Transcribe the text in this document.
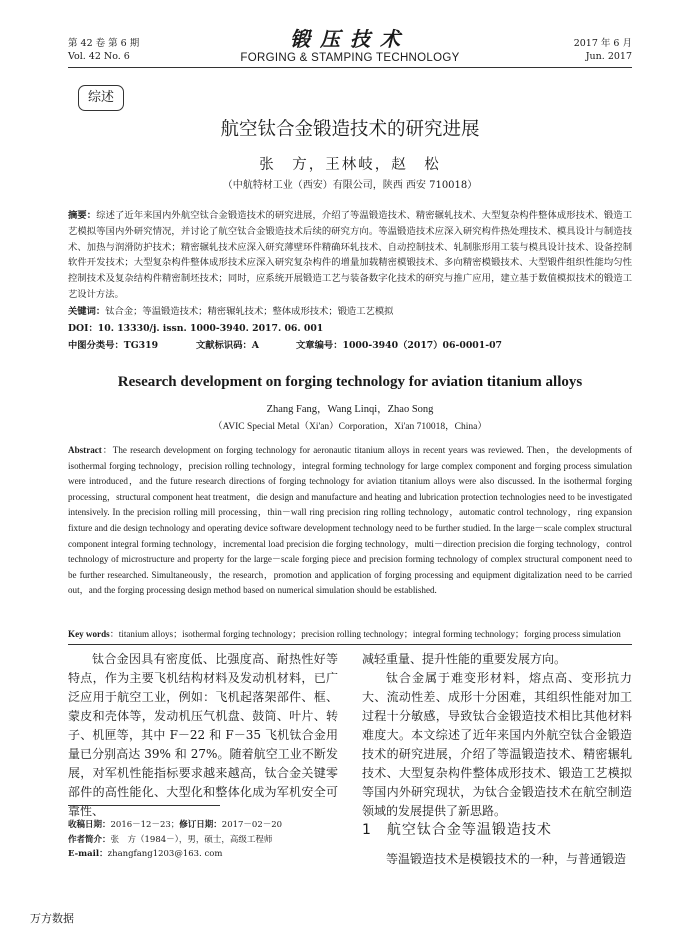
第 42 卷 第 6 期
Vol. 42 No. 6
锻压技术
FORGING & STAMPING TECHNOLOGY
2017 年 6 月
Jun. 2017
综述
航空钛合金锻造技术的研究进展
张　方，王林岐，赵　松
（中航特材工业（西安）有限公司，陕西 西安 710018）
摘要：综述了近年来国内外航空钛合金锻造技术的研究进展，介绍了等温锻造技术、精密辗轧技术、大型复杂构件整体成形技术、锻造工艺模拟等国内外研究情况，并讨论了航空钛合金锻造技术后续的研究方向。等温锻造技术应深入研究构件热处理技术、模具设计与制造技术、加热与润滑防护技术；精密辗轧技术应深入研究薄壁环件精确环轧技术、自动控制技术、轧制胀形用工装与模具设计技术、设备控制软件开发技术；大型复杂构件整体成形技术应深入研究复杂构件的增量加载精密模锻技术、多向精密模锻技术、大型锻件组织性能均匀性控制技术及复杂结构件精密制坯技术；同时，应系统开展锻造工艺与装备数字化技术的研究与推广应用，建立基于数值模拟技术的锻造工艺设计方法。
关键词：钛合金；等温锻造技术；精密辗轧技术；整体成形技术；锻造工艺模拟
DOI：10. 13330/j. issn. 1000-3940. 2017. 06. 001
中图分类号：TG319	文献标识码：A	文章编号：1000-3940（2017）06-0001-07
Research development on forging technology for aviation titanium alloys
Zhang Fang，Wang Linqi，Zhao Song
（AVIC Special Metal（Xi'an）Corporation，Xi'an 710018，China）
Abstract：The research development on forging technology for aeronautic titanium alloys in recent years was reviewed. Then，the developments of isothermal forging technology，precision rolling technology，integral forming technology for large complex component and forging process simulation were introduced，and the future research directions of forging technology for aviation titanium alloys were also discussed. In the isothermal forging processing，structural component heat treatment，die design and manufacture and heating and lubrication protection technologies need to be investigated intensively. In the precision rolling mill processing，thin－wall ring precision ring rolling technology，automatic control technology，ring expansion fixture and die design technology and operating device software development technology need to be further studied. In the large－scale complex structural component integral forming technology，incremental load precision die forging technology，multi－direction precision die forging technology，control technology of microstructure and property for the large－scale forging piece and precision forming technology of complex structural component need to be further researched. Simultaneously，the research，promotion and application of forging processing and equipment digitalization need to be carried out，and the forging processing design method based on numerical simulation should be established.
Key words：titanium alloys；isothermal forging technology；precision rolling technology；integral forming technology；forging process simulation

钛合金因具有密度低、比强度高、耐热性好等特点，作为主要飞机结构材料及发动机材料，已广泛应用于航空工业，例如：飞机起落架部件、框、蒙皮和壳体等，发动机压气机盘、鼓筒、叶片、转子、机匣等，其中 F－22 和 F－35 飞机钛合金用量已分别高达 39% 和 27%。随着航空工业不断发展，对军机性能指标要求越来越高，钛合金关键零部件的高性能化、大型化和整体化成为军机安全可靠性、

减轻重量、提升性能的重要发展方向。

钛合金属于难变形材料，熔点高、变形抗力大、流动性差、成形十分困难，其组织性能对加工过程十分敏感，导致钛合金锻造技术相比其他材料难度大。本文综述了近年来国内外航空钛合金锻造技术的研究进展，介绍了等温锻造技术、精密辗轧技术、大型复杂构件整体成形技术、锻造工艺模拟等国内外研究现状，为钛合金锻造技术在航空制造领域的发展提供了新思路。

收稿日期：2016－12－23；修订日期：2017－02－20
作者简介：张　方（1984－），男，硕士，高级工程师
E-mail：zhangfang1203@163. com
1　航空钛合金等温锻造技术

等温锻造技术是模锻技术的一种，与普通锻造

万方数据
